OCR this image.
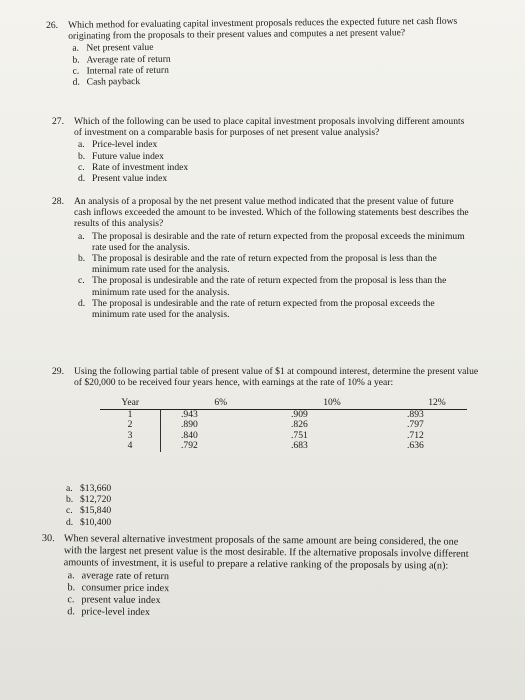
26.	Which method for evaluating capital investment proposals reduces the expected future net cash flows originating from the proposals to their present values and computes a net present value?

a. Net present value
b. Average rate of return
c. Internal rate of return
d. Cash payback
27.	Which of the following can be used to place capital investment proposals involving different amounts of investment on a comparable basis for purposes of net present value analysis?

a. Price-level index
b. Future value index
c. Rate of investment index
d. Present value index
28.	An analysis of a proposal by the net present value method indicated that the present value of future cash inflows exceeded the amount to be invested. Which of the following statements best describes the results of this analysis?

a. The proposal is desirable and the rate of return expected from the proposal exceeds the minimum rate used for the analysis.
b. The proposal is desirable and the rate of return expected from the proposal is less than the minimum rate used for the analysis.
c. The proposal is undesirable and the rate of return expected from the proposal is less than the minimum rate used for the analysis.
d. The proposal is undesirable and the rate of return expected from the proposal exceeds the minimum rate used for the analysis.
29.	Using the following partial table of present value of $1 at compound interest, determine the present value of $20,000 to be received four years hence, with earnings at the rate of 10% a year:

Year	6%	10%	12%
1	.943	.909	.893
2	.890	.826	.797
3	.840	.751	.712
4	.792	.683	.636
a. $13,660
b. $12,720
c. $15,840
d. $10,400
30. When several alternative investment proposals of the same amount are being considered, the one with the largest net present value is the most desirable. If the alternative proposals involve different amounts of investment, it is useful to prepare a relative ranking of the proposals by using a(n):

a. average rate of return
b. consumer price index
c. present value index
d. price-level index
